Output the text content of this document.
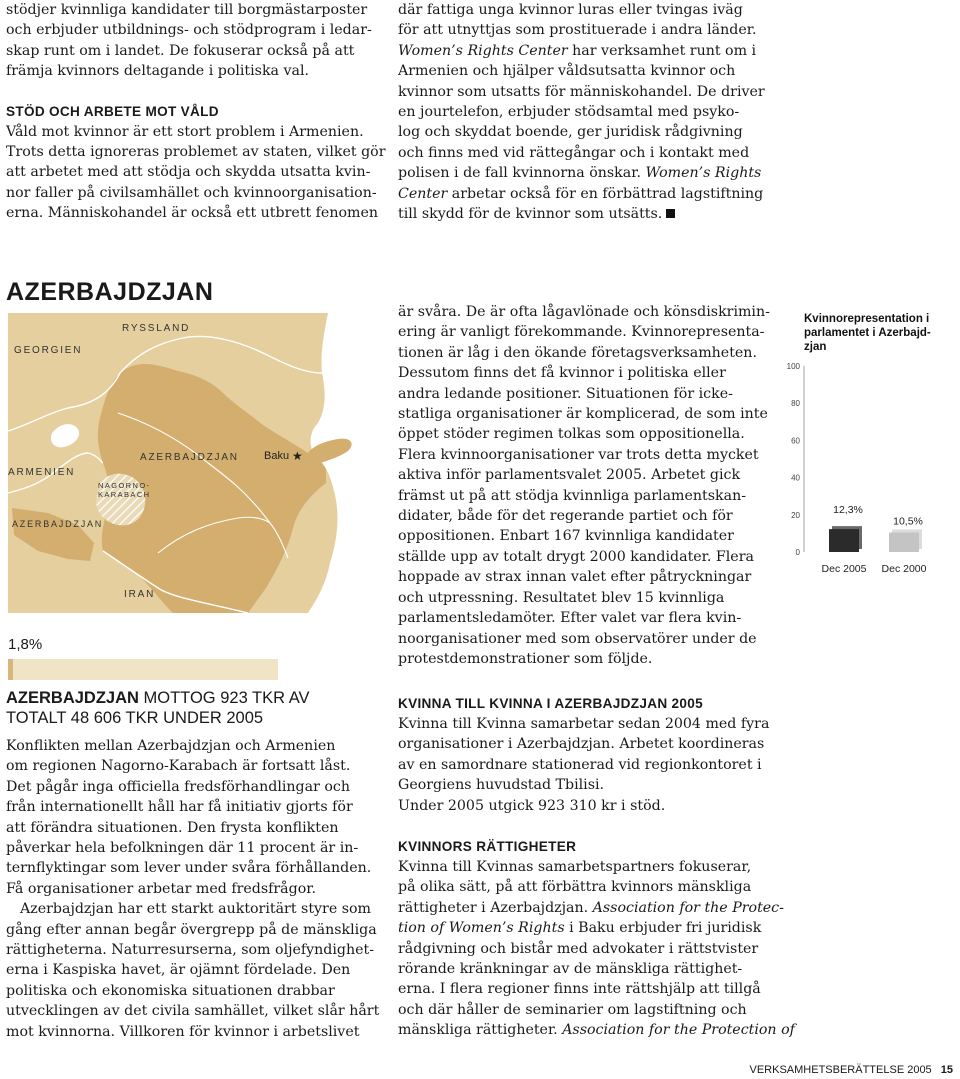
stödjer kvinnliga kandidater till borgmästarposter
och erbjuder utbildnings- och stödprogram i ledar-
skap runt om i landet. De fokuserar också på att
främja kvinnors deltagande i politiska val.
STÖD OCH ARBETE MOT VÅLD
Våld mot kvinnor är ett stort problem i Armenien.
Trots detta ignoreras problemet av staten, vilket gör
att arbetet med att stödja och skydda utsatta kvin-
nor faller på civilsamhället och kvinnoorganisation-
erna. Människohandel är också ett utbrett fenomen
där fattiga unga kvinnor luras eller tvingas iväg
för att utnyttjas som prostituerade i andra länder.
Women’s Rights Center har verksamhet runt om i
Armenien och hjälper våldsutsatta kvinnor och
kvinnor som utsatts för människohandel. De driver
en jourtelefon, erbjuder stödsamtal med psyko-
log och skyddat boende, ger juridisk rådgivning
och finns med vid rättegångar och i kontakt med
polisen i de fall kvinnorna önskar. Women’s Rights
Center arbetar också för en förbättrad lagstiftning
till skydd för de kvinnor som utsätts.
AZERBAJDZJAN
RYSSLAND
GEORGIEN
ARMENIEN
AZERBAJDZJAN
AZERBAJDZJAN
NAGORNO-
KARABACH
IRAN
Baku ★
1,8%
AZERBAJDZJAN MOTTOG 923 TKR AV
TOTALT 48 606 TKR UNDER 2005
Konflikten mellan Azerbajdzjan och Armenien
om regionen Nagorno-Karabach är fortsatt låst.
Det pågår inga officiella fredsförhandlingar och
från internationellt håll har få initiativ gjorts för
att förändra situationen. Den frysta konflikten
påverkar hela befolkningen där 11 procent är in-
ternflyktingar som lever under svåra förhållanden.
Få organisationer arbetar med fredsfrågor.
Azerbajdzjan har ett starkt auktoritärt styre som
gång efter annan begår övergrepp på de mänskliga
rättigheterna. Naturresurserna, som oljefyndighet-
erna i Kaspiska havet, är ojämnt fördelade. Den
politiska och ekonomiska situationen drabbar
utvecklingen av det civila samhället, vilket slår hårt
mot kvinnorna. Villkoren för kvinnor i arbetslivet
är svåra. De är ofta lågavlönade och könsdiskrimin-
ering är vanligt förekommande. Kvinnorepresenta-
tionen är låg i den ökande företagsverksamheten.
Dessutom finns det få kvinnor i politiska eller
andra ledande positioner. Situationen för icke-
statliga organisationer är komplicerad, de som inte
öppet stöder regimen tolkas som oppositionella.
Flera kvinnoorganisationer var trots detta mycket
aktiva inför parlamentsvalet 2005. Arbetet gick
främst ut på att stödja kvinnliga parlamentskan-
didater, både för det regerande partiet och för
oppositionen. Enbart 167 kvinnliga kandidater
ställde upp av totalt drygt 2000 kandidater. Flera
hoppade av strax innan valet efter påtryckningar
och utpressning. Resultatet blev 15 kvinnliga
parlamentsledamöter. Efter valet var flera kvin-
noorganisationer med som observatörer under de
protestdemonstrationer som följde.
KVINNA TILL KVINNA I AZERBAJDZJAN 2005
Kvinna till Kvinna samarbetar sedan 2004 med fyra
organisationer i Azerbajdzjan. Arbetet koordineras
av en samordnare stationerad vid regionkontoret i
Georgiens huvudstad Tbilisi.
Under 2005 utgick 923 310 kr i stöd.
KVINNORS RÄTTIGHETER
Kvinna till Kvinnas samarbetspartners fokuserar,
på olika sätt, på att förbättra kvinnors mänskliga
rättigheter i Azerbajdzjan. Association for the Protec-
tion of Women’s Rights i Baku erbjuder fri juridisk
rådgivning och bistår med advokater i rättstvister
rörande kränkningar av de mänskliga rättighet-
erna. I flera regioner finns inte rättshjälp att tillgå
och där håller de seminarier om lagstiftning och
mänskliga rättigheter. Association for the Protection of
Kvinnorepresentation i
parlamentet i Azerbajd-
zjan
0
20
40
60
80
100
12,3%
Dec 2005
10,5%
Dec 2000
VERKSAMHETSBERÄTTELSE 2005 15
